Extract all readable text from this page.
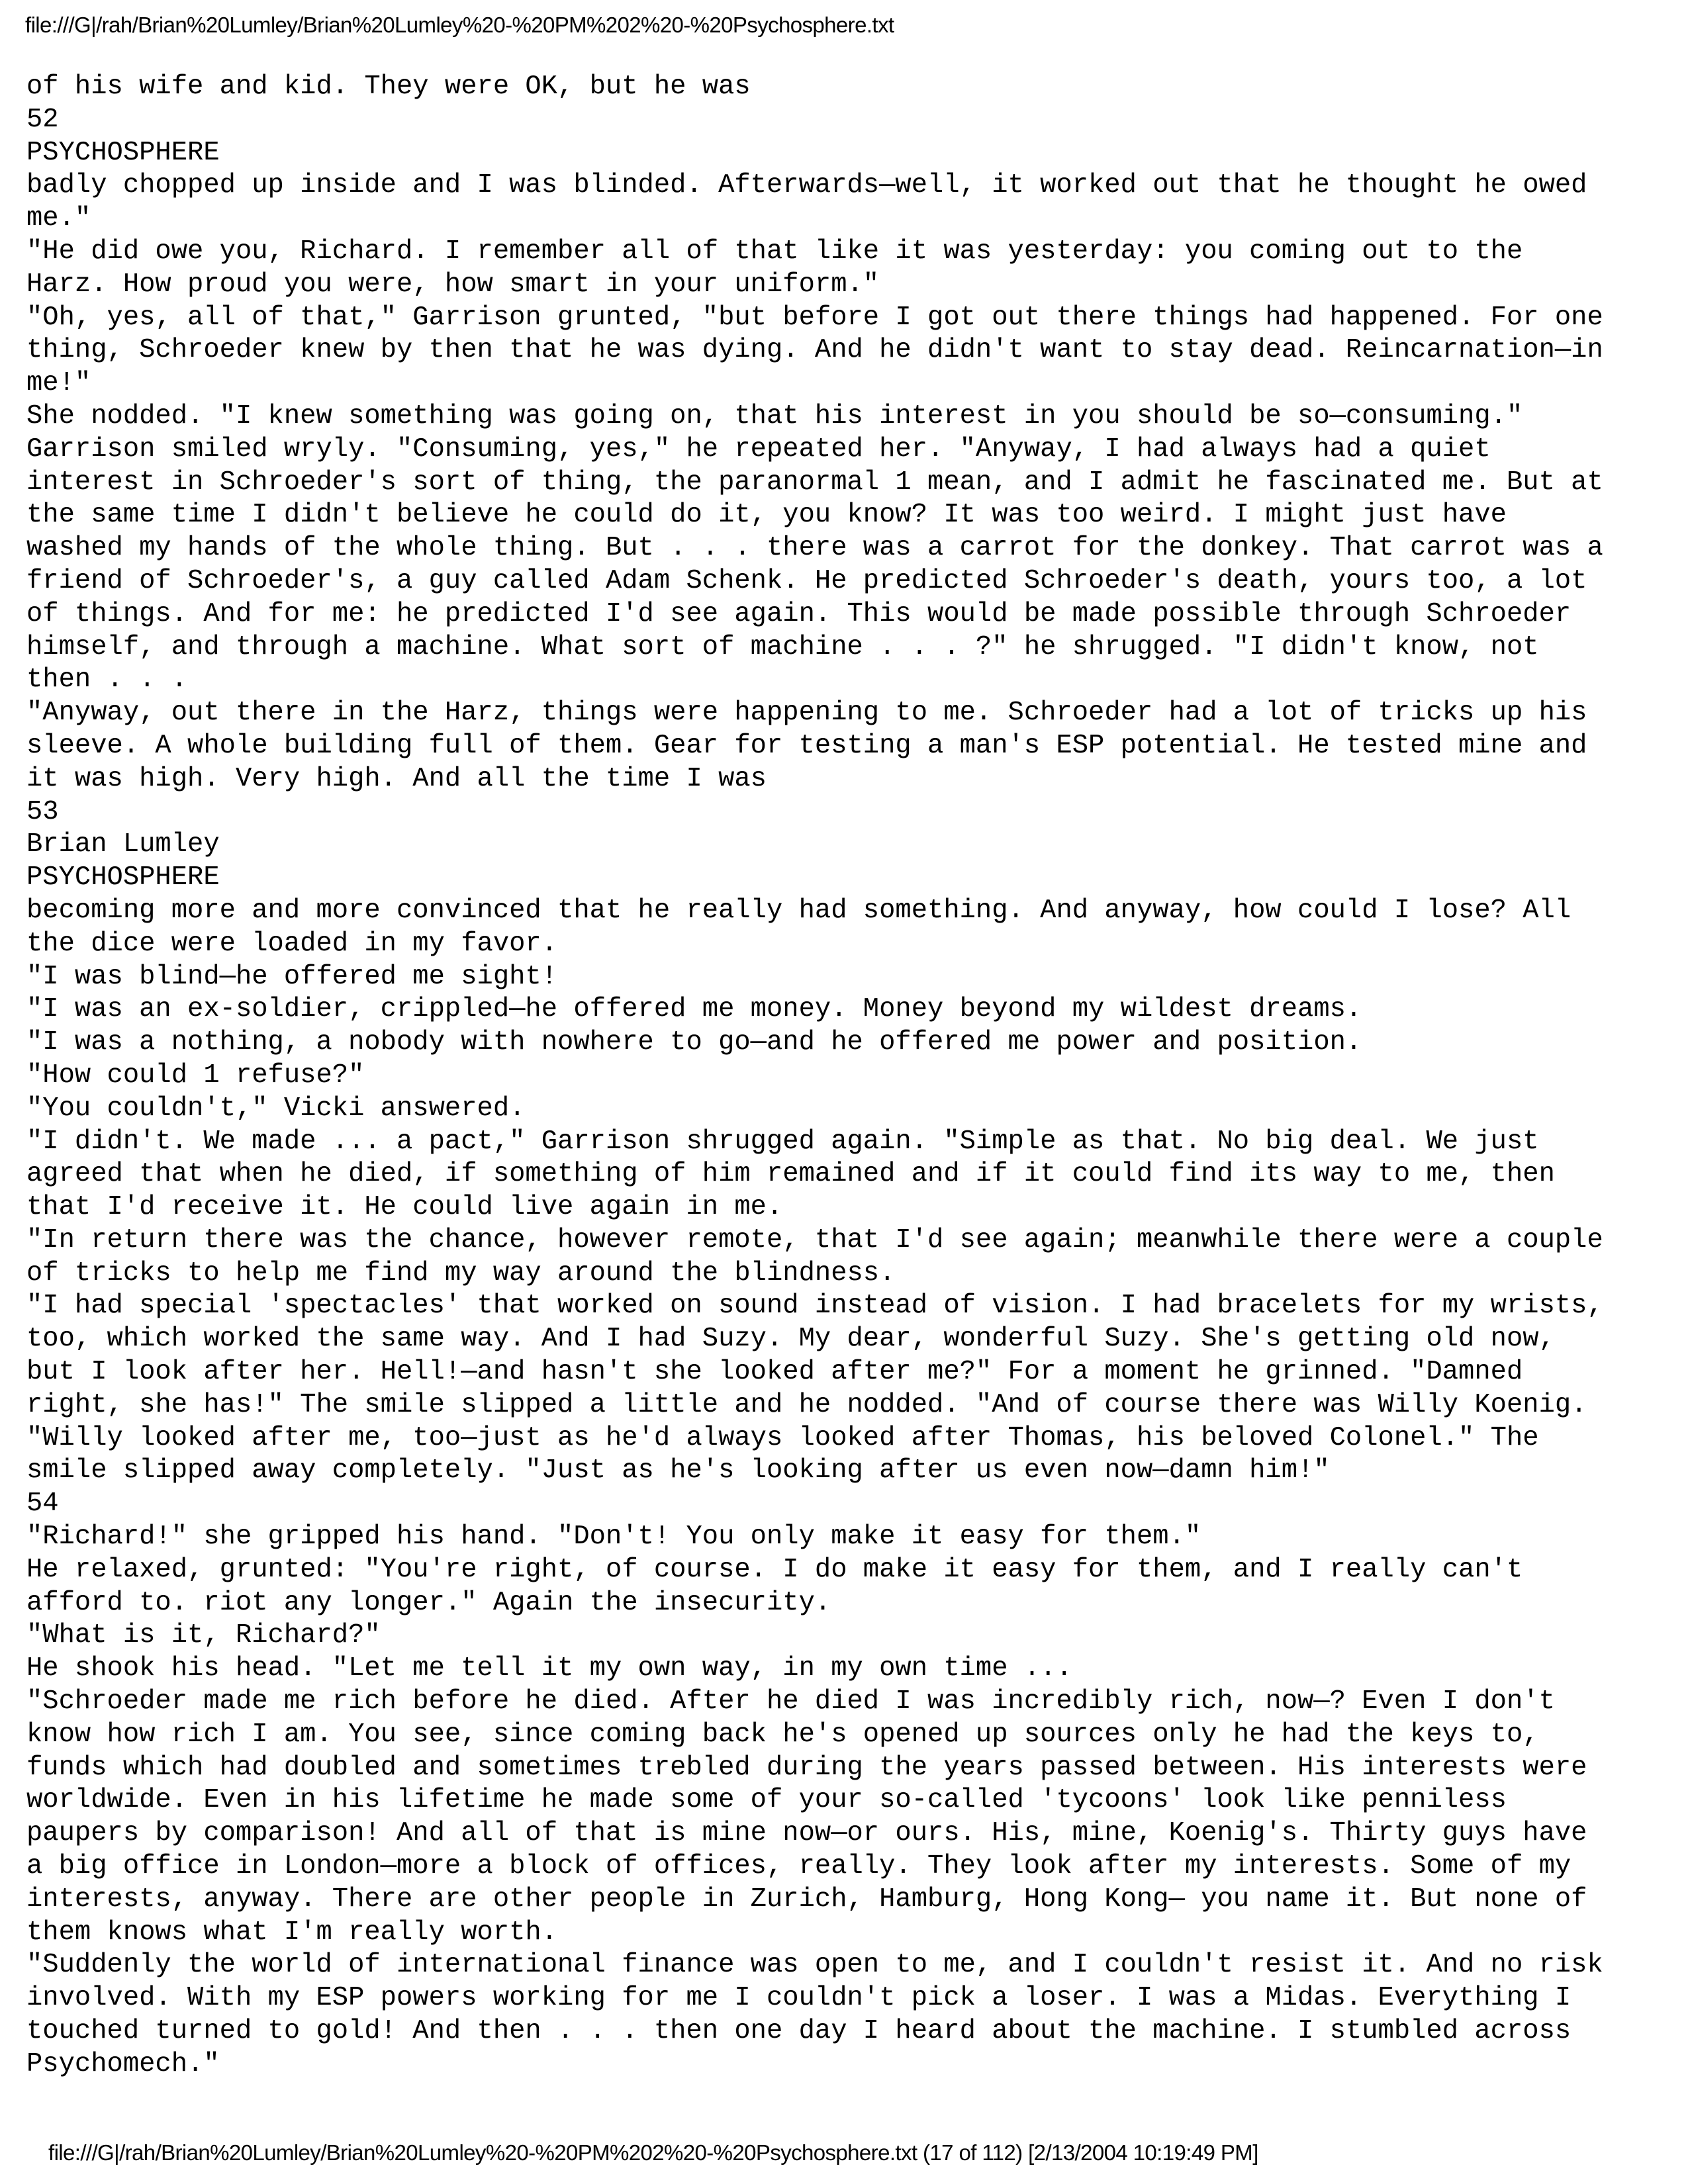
file:///G|/rah/Brian%20Lumley/Brian%20Lumley%20-%20PM%202%20-%20Psychosphere.txt
of his wife and kid. They were OK, but he was
52
PSYCHOSPHERE
badly chopped up inside and I was blinded. Afterwards—well, it worked out that he thought he owed
me."
"He did owe you, Richard. I remember all of that like it was yesterday: you coming out to the
Harz. How proud you were, how smart in your uniform."
"Oh, yes, all of that," Garrison grunted, "but before I got out there things had happened. For one
thing, Schroeder knew by then that he was dying. And he didn't want to stay dead. Reincarnation—in
me!"
She nodded. "I knew something was going on, that his interest in you should be so—consuming."
Garrison smiled wryly. "Consuming, yes," he repeated her. "Anyway, I had always had a quiet
interest in Schroeder's sort of thing, the paranormal 1 mean, and I admit he fascinated me. But at
the same time I didn't believe he could do it, you know? It was too weird. I might just have
washed my hands of the whole thing. But . . . there was a carrot for the donkey. That carrot was a
friend of Schroeder's, a guy called Adam Schenk. He predicted Schroeder's death, yours too, a lot
of things. And for me: he predicted I'd see again. This would be made possible through Schroeder
himself, and through a machine. What sort of machine . . . ?" he shrugged. "I didn't know, not
then . . .
"Anyway, out there in the Harz, things were happening to me. Schroeder had a lot of tricks up his
sleeve. A whole building full of them. Gear for testing a man's ESP potential. He tested mine and
it was high. Very high. And all the time I was
53
Brian Lumley
PSYCHOSPHERE
becoming more and more convinced that he really had something. And anyway, how could I lose? All
the dice were loaded in my favor.
"I was blind—he offered me sight!
"I was an ex-soldier, crippled—he offered me money. Money beyond my wildest dreams.
"I was a nothing, a nobody with nowhere to go—and he offered me power and position.
"How could 1 refuse?"
"You couldn't," Vicki answered.
"I didn't. We made ... a pact," Garrison shrugged again. "Simple as that. No big deal. We just
agreed that when he died, if something of him remained and if it could find its way to me, then
that I'd receive it. He could live again in me.
"In return there was the chance, however remote, that I'd see again; meanwhile there were a couple
of tricks to help me find my way around the blindness.
"I had special 'spectacles' that worked on sound instead of vision. I had bracelets for my wrists,
too, which worked the same way. And I had Suzy. My dear, wonderful Suzy. She's getting old now,
but I look after her. Hell!—and hasn't she looked after me?" For a moment he grinned. "Damned
right, she has!" The smile slipped a little and he nodded. "And of course there was Willy Koenig.
"Willy looked after me, too—just as he'd always looked after Thomas, his beloved Colonel." The
smile slipped away completely. "Just as he's looking after us even now—damn him!"
54
"Richard!" she gripped his hand. "Don't! You only make it easy for them."
He relaxed, grunted: "You're right, of course. I do make it easy for them, and I really can't
afford to. riot any longer." Again the insecurity.
"What is it, Richard?"
He shook his head. "Let me tell it my own way, in my own time ...
"Schroeder made me rich before he died. After he died I was incredibly rich, now—? Even I don't
know how rich I am. You see, since coming back he's opened up sources only he had the keys to,
funds which had doubled and sometimes trebled during the years passed between. His interests were
worldwide. Even in his lifetime he made some of your so-called 'tycoons' look like penniless
paupers by comparison! And all of that is mine now—or ours. His, mine, Koenig's. Thirty guys have
a big office in London—more a block of offices, really. They look after my interests. Some of my
interests, anyway. There are other people in Zurich, Hamburg, Hong Kong— you name it. But none of
them knows what I'm really worth.
"Suddenly the world of international finance was open to me, and I couldn't resist it. And no risk
involved. With my ESP powers working for me I couldn't pick a loser. I was a Midas. Everything I
touched turned to gold! And then . . . then one day I heard about the machine. I stumbled across
Psychomech."
file:///G|/rah/Brian%20Lumley/Brian%20Lumley%20-%20PM%202%20-%20Psychosphere.txt (17 of 112) [2/13/2004 10:19:49 PM]
